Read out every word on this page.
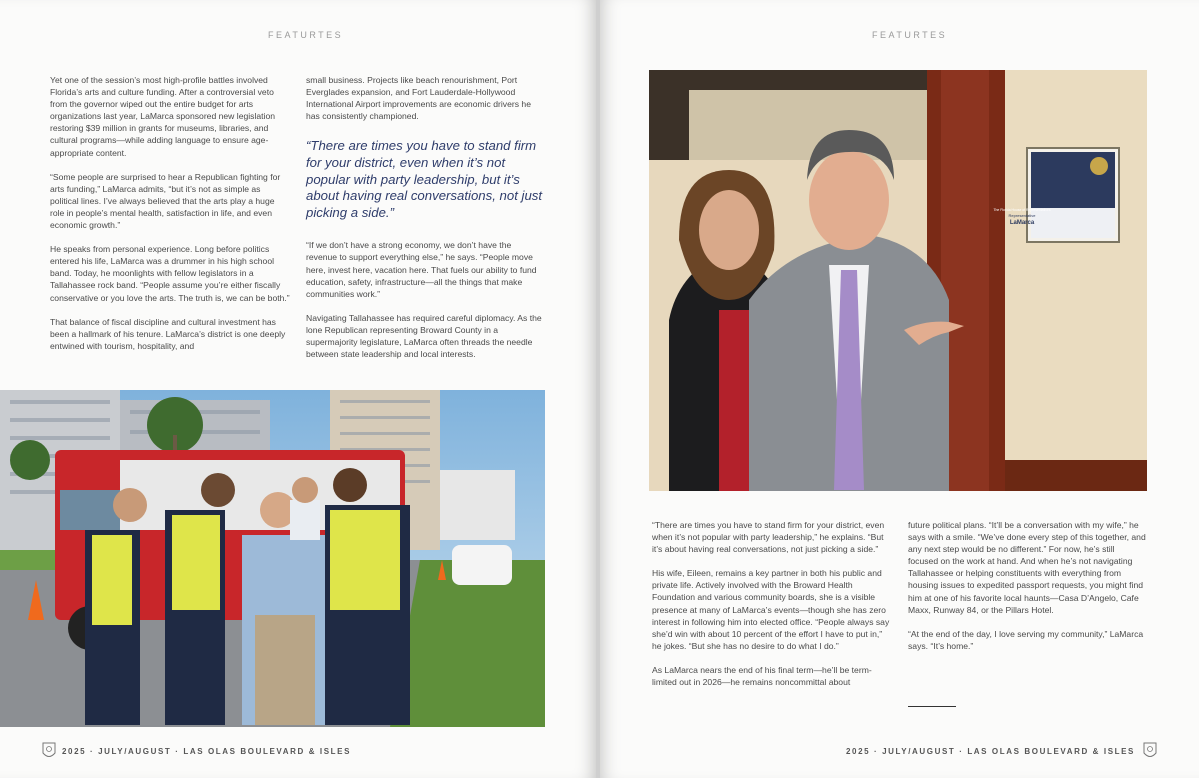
FEATURTES

Yet one of the session’s most high-profile battles involved Florida’s arts and culture funding. After a controversial veto from the governor wiped out the entire budget for arts organizations last year, LaMarca sponsored new legislation restoring $39 million in grants for museums, libraries, and cultural programs—while adding language to ensure age-appropriate content.

“Some people are surprised to hear a Republican fighting for arts funding,” LaMarca admits, “but it’s not as simple as political lines. I’ve always believed that the arts play a huge role in people’s mental health, satisfaction in life, and even economic growth.”

He speaks from personal experience. Long before politics entered his life, LaMarca was a drummer in his high school band. Today, he moonlights with fellow legislators in a Tallahassee rock band. “People assume you’re either fiscally conservative or you love the arts. The truth is, we can be both.”

That balance of fiscal discipline and cultural investment has been a hallmark of his tenure. LaMarca’s district is one deeply entwined with tourism, hospitality, and

small business. Projects like beach renourishment, Port Everglades expansion, and Fort Lauderdale-Hollywood International Airport improvements are economic drivers he has consistently championed.

“There are times you have to stand firm for your district, even when it’s not popular with party leadership, but it’s about having real conversations, not just picking a side.”

“If we don’t have a strong economy, we don’t have the revenue to support everything else,” he says. “People move here, invest here, vacation here. That fuels our ability to fund education, safety, infrastructure—all the things that make communities work.”

Navigating Tallahassee has required careful diplomacy. As the lone Republican representing Broward County in a supermajority legislature, LaMarca often threads the needle between state leadership and local interests.

2025 · JULY/AUGUST · LAS OLAS BOULEVARD & ISLES
FEATURTES
The Florida House of Representatives
Representative
LaMarca

“There are times you have to stand firm for your district, even when it’s not popular with party leadership,” he explains. “But it’s about having real conversations, not just picking a side.”

His wife, Eileen, remains a key partner in both his public and private life. Actively involved with the Broward Health Foundation and various community boards, she is a visible presence at many of LaMarca’s events—though she has zero interest in following him into elected office. “People always say she’d win with about 10 percent of the effort I have to put in,” he jokes. “But she has no desire to do what I do.”

As LaMarca nears the end of his final term—he’ll be term-limited out in 2026—he remains noncommittal about

future political plans. “It’ll be a conversation with my wife,” he says with a smile. “We’ve done every step of this together, and any next step would be no different.” For now, he’s still focused on the work at hand. And when he’s not navigating Tallahassee or helping constituents with everything from housing issues to expedited passport requests, you might find him at one of his favorite local haunts—Casa D’Angelo, Cafe Maxx, Runway 84, or the Pillars Hotel.

“At the end of the day, I love serving my community,” LaMarca says. “It’s home.”

2025 · JULY/AUGUST · LAS OLAS BOULEVARD & ISLES
